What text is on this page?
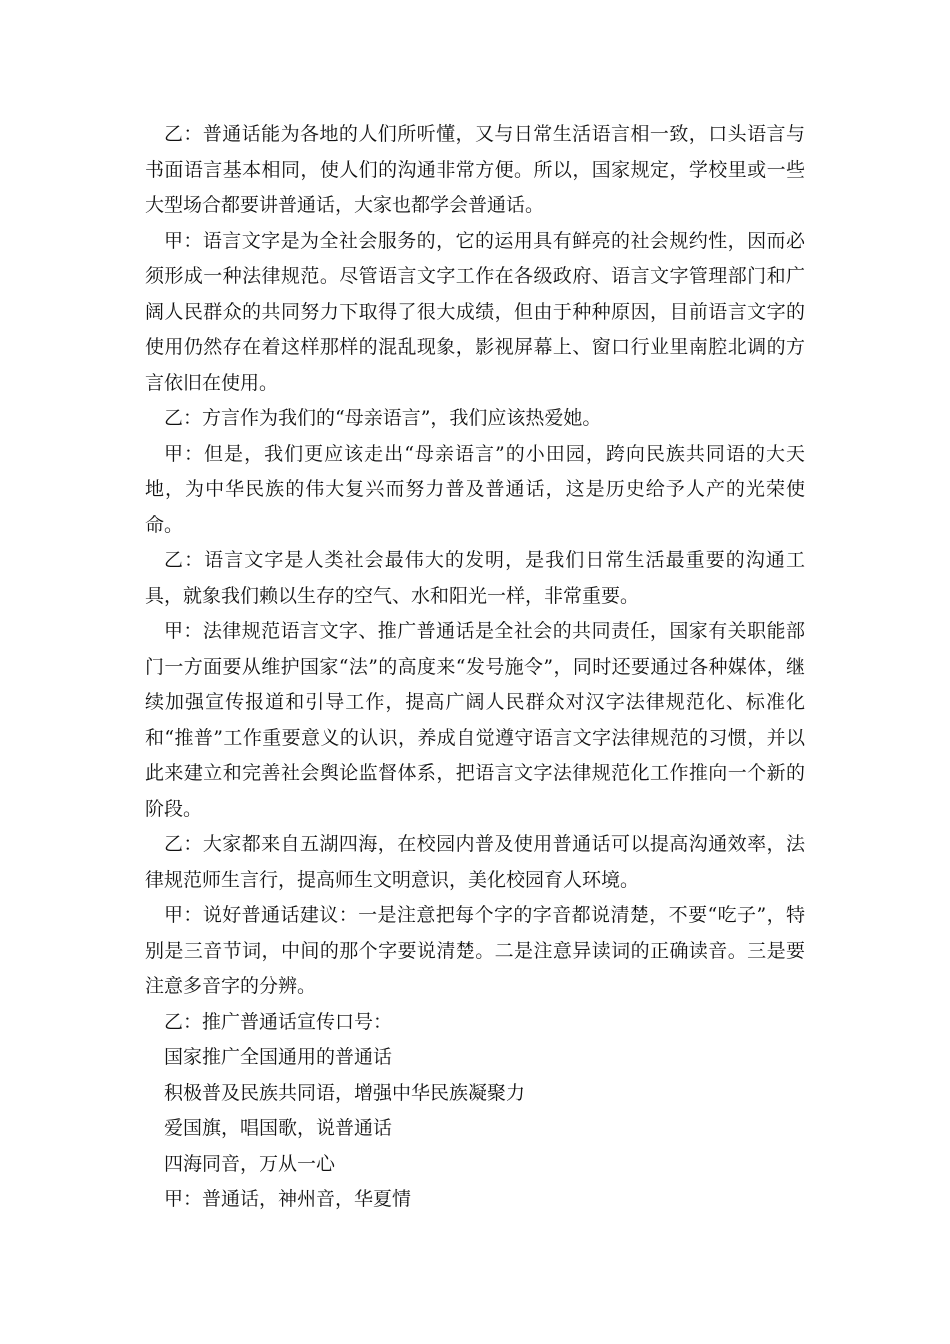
乙：普通话能为各地的人们所听懂，又与日常生活语言相一致，口头语言与书面语言基本相同，使人们的沟通非常方便。所以，国家规定，学校里或一些大型场合都要讲普通话，大家也都学会普通话。

甲：语言文字是为全社会服务的，它的运用具有鲜亮的社会规约性，因而必须形成一种法律规范。尽管语言文字工作在各级政府、语言文字管理部门和广阔人民群众的共同努力下取得了很大成绩，但由于种种原因，目前语言文字的使用仍然存在着这样那样的混乱现象，影视屏幕上、窗口行业里南腔北调的方言依旧在使用。

乙：方言作为我们的“母亲语言”，我们应该热爱她。

甲：但是，我们更应该走出“母亲语言”的小田园，跨向民族共同语的大天地，为中华民族的伟大复兴而努力普及普通话，这是历史给予人产的光荣使命。

乙：语言文字是人类社会最伟大的发明，是我们日常生活最重要的沟通工具，就象我们赖以生存的空气、水和阳光一样，非常重要。

甲：法律规范语言文字、推广普通话是全社会的共同责任，国家有关职能部门一方面要从维护国家“法”的高度来“发号施令”，同时还要通过各种媒体，继续加强宣传报道和引导工作，提高广阔人民群众对汉字法律规范化、标准化和“推普”工作重要意义的认识，养成自觉遵守语言文字法律规范的习惯，并以此来建立和完善社会舆论监督体系，把语言文字法律规范化工作推向一个新的阶段。

乙：大家都来自五湖四海，在校园内普及使用普通话可以提高沟通效率，法律规范师生言行，提高师生文明意识，美化校园育人环境。

甲：说好普通话建议：一是注意把每个字的字音都说清楚，不要“吃子”，特别是三音节词，中间的那个字要说清楚。二是注意异读词的正确读音。三是要注意多音字的分辨。

乙：推广普通话宣传口号：

国家推广全国通用的普通话

积极普及民族共同语，增强中华民族凝聚力

爱国旗，唱国歌，说普通话

四海同音，万从一心

甲：普通话，神州音，华夏情
